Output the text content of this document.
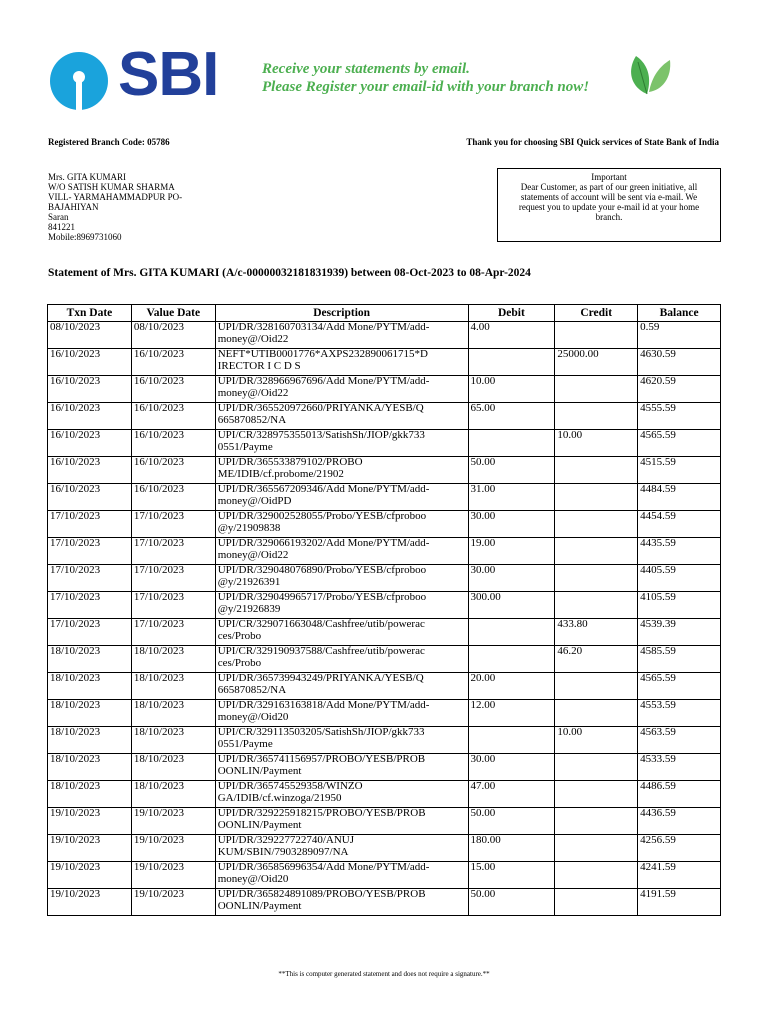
SBI	Receive your statements by email.
Please Register your email-id with your branch now!
Registered Branch Code: 05786	Thank you for choosing SBI Quick services of State Bank of India
Mrs. GITA KUMARI
W/O SATISH KUMAR SHARMA
VILL- YARMAHAMMADPUR PO-
BAJAHIYAN
Saran
841221
Mobile:8969731060
Important
Dear Customer, as part of our green initiative, all statements of account will be sent via e-mail. We request you to update your e-mail id at your home branch.
Statement of Mrs. GITA KUMARI (A/c-00000032181831939) between 08-Oct-2023 to 08-Apr-2024
Txn Date	Value Date	Description	Debit	Credit	Balance
08/10/2023	08/10/2023	UPI/DR/328160703134/Add Mone/PYTM/add-money@/Oid22	4.00		0.59
16/10/2023	16/10/2023	NEFT*UTIB0001776*AXPS232890061715*D IRECTOR I C D S		25000.00	4630.59
16/10/2023	16/10/2023	UPI/DR/328966967696/Add Mone/PYTM/add-money@/Oid22	10.00		4620.59
16/10/2023	16/10/2023	UPI/DR/365520972660/PRIYANKA/YESB/Q 665870852/NA	65.00		4555.59
16/10/2023	16/10/2023	UPI/CR/328975355013/SatishSh/JIOP/gkk733 0551/Payme		10.00	4565.59
16/10/2023	16/10/2023	UPI/DR/365533879102/PROBO ME/IDIB/cf.probome/21902	50.00		4515.59
16/10/2023	16/10/2023	UPI/DR/365567209346/Add Mone/PYTM/add-money@/OidPD	31.00		4484.59
17/10/2023	17/10/2023	UPI/DR/329002528055/Probo/YESB/cfproboo @y/21909838	30.00		4454.59
17/10/2023	17/10/2023	UPI/DR/329066193202/Add Mone/PYTM/add-money@/Oid22	19.00		4435.59
17/10/2023	17/10/2023	UPI/DR/329048076890/Probo/YESB/cfproboo @y/21926391	30.00		4405.59
17/10/2023	17/10/2023	UPI/DR/329049965717/Probo/YESB/cfproboo @y/21926839	300.00		4105.59
17/10/2023	17/10/2023	UPI/CR/329071663048/Cashfree/utib/powerac ces/Probo		433.80	4539.39
18/10/2023	18/10/2023	UPI/CR/329190937588/Cashfree/utib/powerac ces/Probo		46.20	4585.59
18/10/2023	18/10/2023	UPI/DR/365739943249/PRIYANKA/YESB/Q 665870852/NA	20.00		4565.59
18/10/2023	18/10/2023	UPI/DR/329163163818/Add Mone/PYTM/add-money@/Oid20	12.00		4553.59
18/10/2023	18/10/2023	UPI/CR/329113503205/SatishSh/JIOP/gkk733 0551/Payme		10.00	4563.59
18/10/2023	18/10/2023	UPI/DR/365741156957/PROBO/YESB/PROB OONLIN/Payment	30.00		4533.59
18/10/2023	18/10/2023	UPI/DR/365745529358/WINZO GA/IDIB/cf.winzoga/21950	47.00		4486.59
19/10/2023	19/10/2023	UPI/DR/329225918215/PROBO/YESB/PROB OONLIN/Payment	50.00		4436.59
19/10/2023	19/10/2023	UPI/DR/329227722740/ANUJ KUM/SBIN/7903289097/NA	180.00		4256.59
19/10/2023	19/10/2023	UPI/DR/365856996354/Add Mone/PYTM/add-money@/Oid20	15.00		4241.59
19/10/2023	19/10/2023	UPI/DR/365824891089/PROBO/YESB/PROB OONLIN/Payment	50.00		4191.59
**This is computer generated statement and does not require a signature.**
